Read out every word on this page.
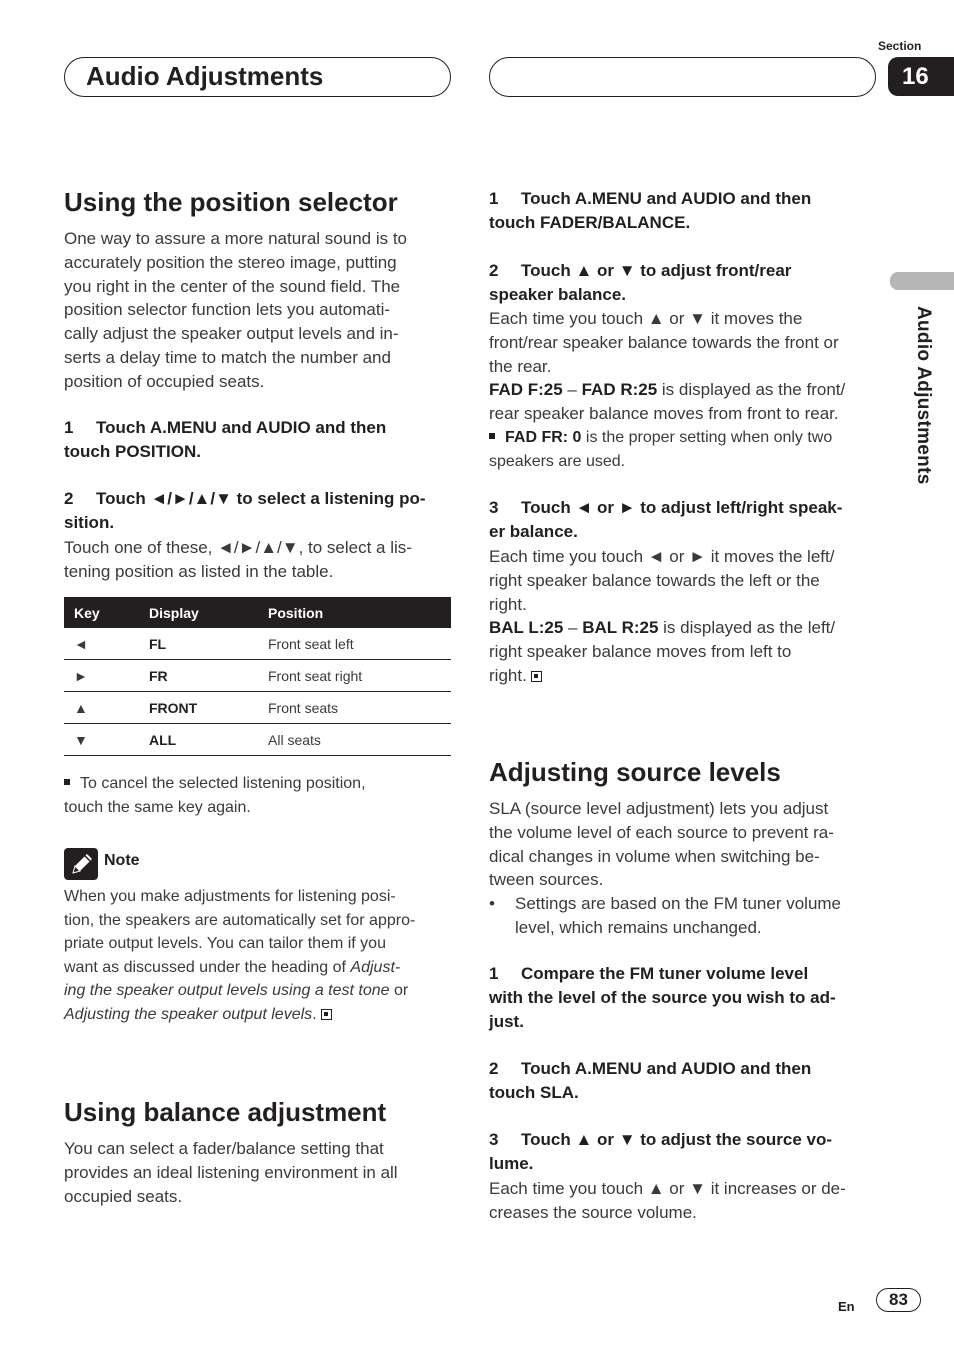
Audio Adjustments
Section
16
Audio Adjustments
Using the position selector
One way to assure a more natural sound is to
accurately position the stereo image, putting
you right in the center of the sound field. The
position selector function lets you automati-
cally adjust the speaker output levels and in-
serts a delay time to match the number and
position of occupied seats.
1 Touch A.MENU and AUDIO and then
touch POSITION.
2 Touch ◄/►/▲/▼ to select a listening po-
sition.
Touch one of these, ◄/►/▲/▼, to select a lis-
tening position as listed in the table.
Key	Display	Position
◄	FL	Front seat left
►	FR	Front seat right
▲	FRONT	Front seats
▼	ALL	All seats
To cancel the selected listening position,
touch the same key again.
Note
When you make adjustments for listening posi-
tion, the speakers are automatically set for appro-
priate output levels. You can tailor them if you
want as discussed under the heading of Adjust-
ing the speaker output levels using a test tone or
Adjusting the speaker output levels.
Using balance adjustment
You can select a fader/balance setting that
provides an ideal listening environment in all
occupied seats.
1 Touch A.MENU and AUDIO and then
touch FADER/BALANCE.
2 Touch ▲ or ▼ to adjust front/rear
speaker balance.
Each time you touch ▲ or ▼ it moves the
front/rear speaker balance towards the front or
the rear.
FAD F:25 – FAD R:25 is displayed as the front/
rear speaker balance moves from front to rear.
FAD FR: 0 is the proper setting when only two
speakers are used.
3 Touch ◄ or ► to adjust left/right speak-
er balance.
Each time you touch ◄ or ► it moves the left/
right speaker balance towards the left or the
right.
BAL L:25 – BAL R:25 is displayed as the left/
right speaker balance moves from left to
right.
Adjusting source levels
SLA (source level adjustment) lets you adjust
the volume level of each source to prevent ra-
dical changes in volume when switching be-
tween sources.
• Settings are based on the FM tuner volume
level, which remains unchanged.
1 Compare the FM tuner volume level
with the level of the source you wish to ad-
just.
2 Touch A.MENU and AUDIO and then
touch SLA.
3 Touch ▲ or ▼ to adjust the source vo-
lume.
Each time you touch ▲ or ▼ it increases or de-
creases the source volume.
En	83
